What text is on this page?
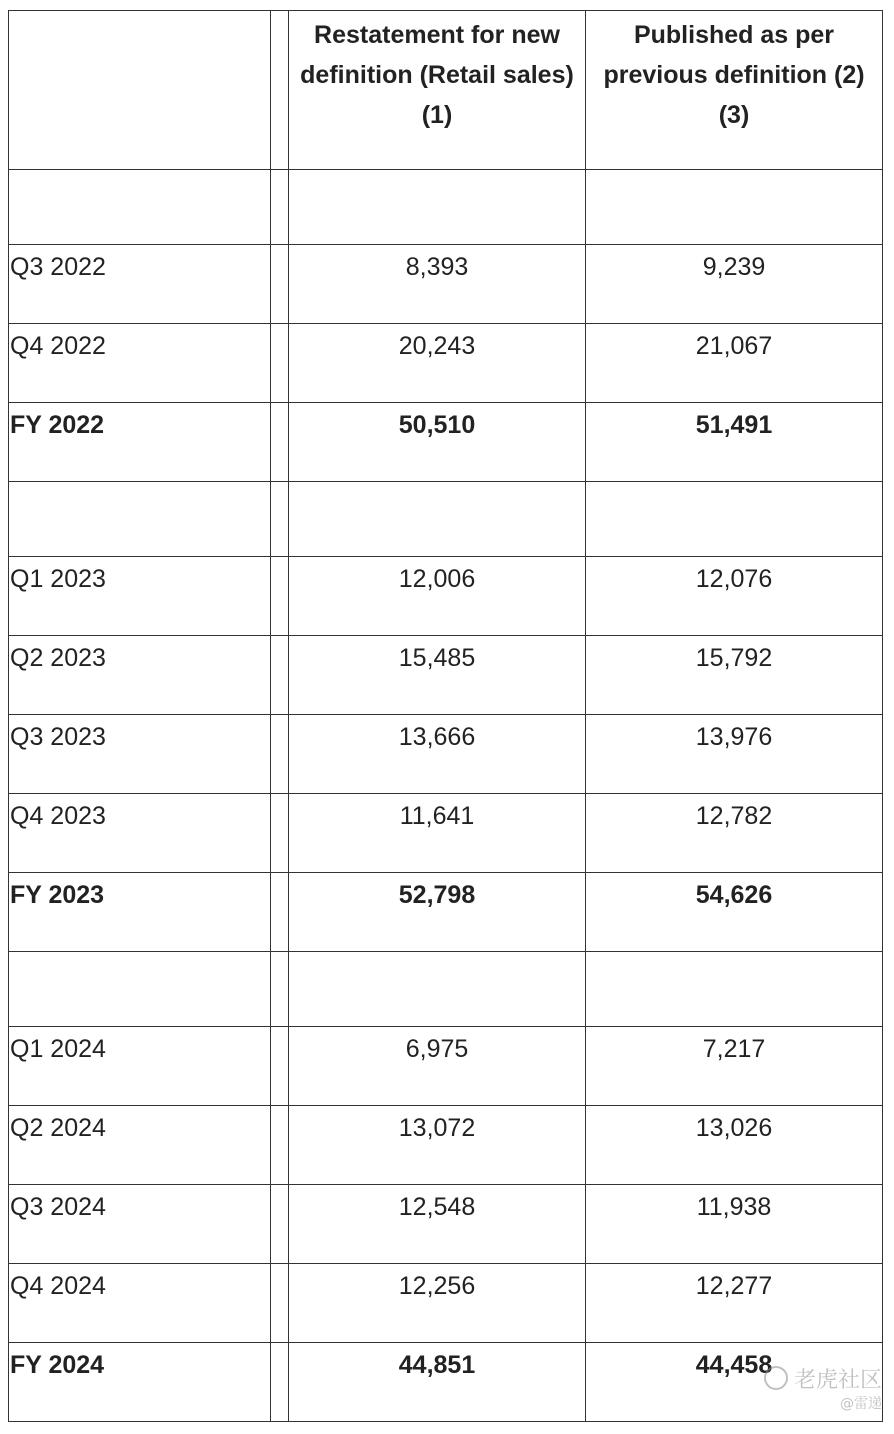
		Restatement for new definition (Retail sales) (1)	Published as per previous definition (2) (3)

Q3 2022		8,393	9,239
Q4 2022		20,243	21,067
FY 2022		50,510	51,491

Q1 2023		12,006	12,076
Q2 2023		15,485	15,792
Q3 2023		13,666	13,976
Q4 2023		11,641	12,782
FY 2023		52,798	54,626

Q1 2024		6,975	7,217
Q2 2024		13,072	13,026
Q3 2024		12,548	11,938
Q4 2024		12,256	12,277
FY 2024		44,851	44,458
老虎社区
@雷递
